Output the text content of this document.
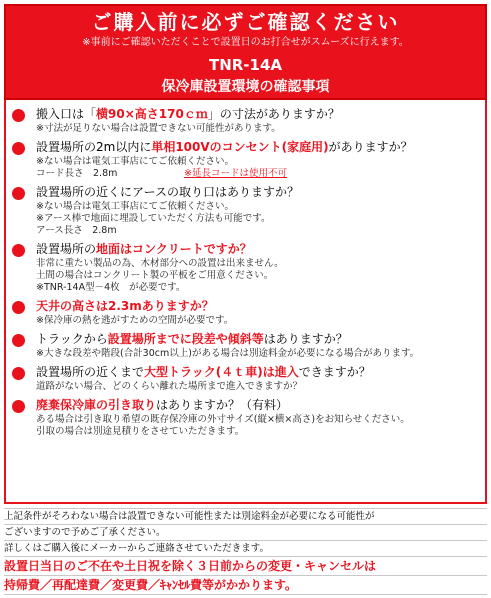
ご購入前に必ずご確認ください
※事前にご確認いただくことで設置日のお打合せがスムーズに行えます。
TNR-14A
保冷庫設置環境の確認事項
搬入口は「横90×高さ170ｃｍ」の寸法がありますか？
※寸法が足りない場合は設置できない可能性があります。
設置場所の2m以内に単相100Vのコンセント(家庭用)がありますか？
※ない場合は電気工事店にてご依頼ください。
コード長さ　2.8m	※延長コードは使用不可
設置場所の近くにアースの取り口はありますか？
※ない場合は電気工事店にてご依頼ください。
※アース棒で地面に埋設していただく方法も可能です。
アース長さ　2.8m
設置場所の地面はコンクリートですか？
非常に重たい製品の為、木材部分への設置は出来ません。
土間の場合はコンクリート製の平板をご用意ください。
※TNR-14A型－4枚　が必要です。
天井の高さは2.3mありますか？
※保冷庫の熱を逃がすための空間が必要です。
トラックから設置場所までに段差や傾斜等はありますか？
※大きな段差や階段(合計30cm以上)がある場合は別途料金が必要になる場合があります。
設置場所の近くまで大型トラック(４ｔ車)は進入できますか？
道路がない場合、どのくらい離れた場所まで進入できますか？
廃棄保冷庫の引き取りはありますか？（有料）
ある場合は引き取り希望の既存保冷庫の外寸サイズ(縦×横×高さ)をお知らせください。
引取の場合は別途見積りをさせていただきます。
上記条件がそろわない場合は設置できない可能性または別途料金が必要になる可能性が
ございますので予めご了承ください。
詳しくはご購入後にメーカーからご連絡させていただきます。
設置日当日のご不在や土日祝を除く３日前からの変更・キャンセルは
持帰費／再配達費／変更費／ｷｬﾝｾﾙ費等がかかります。
